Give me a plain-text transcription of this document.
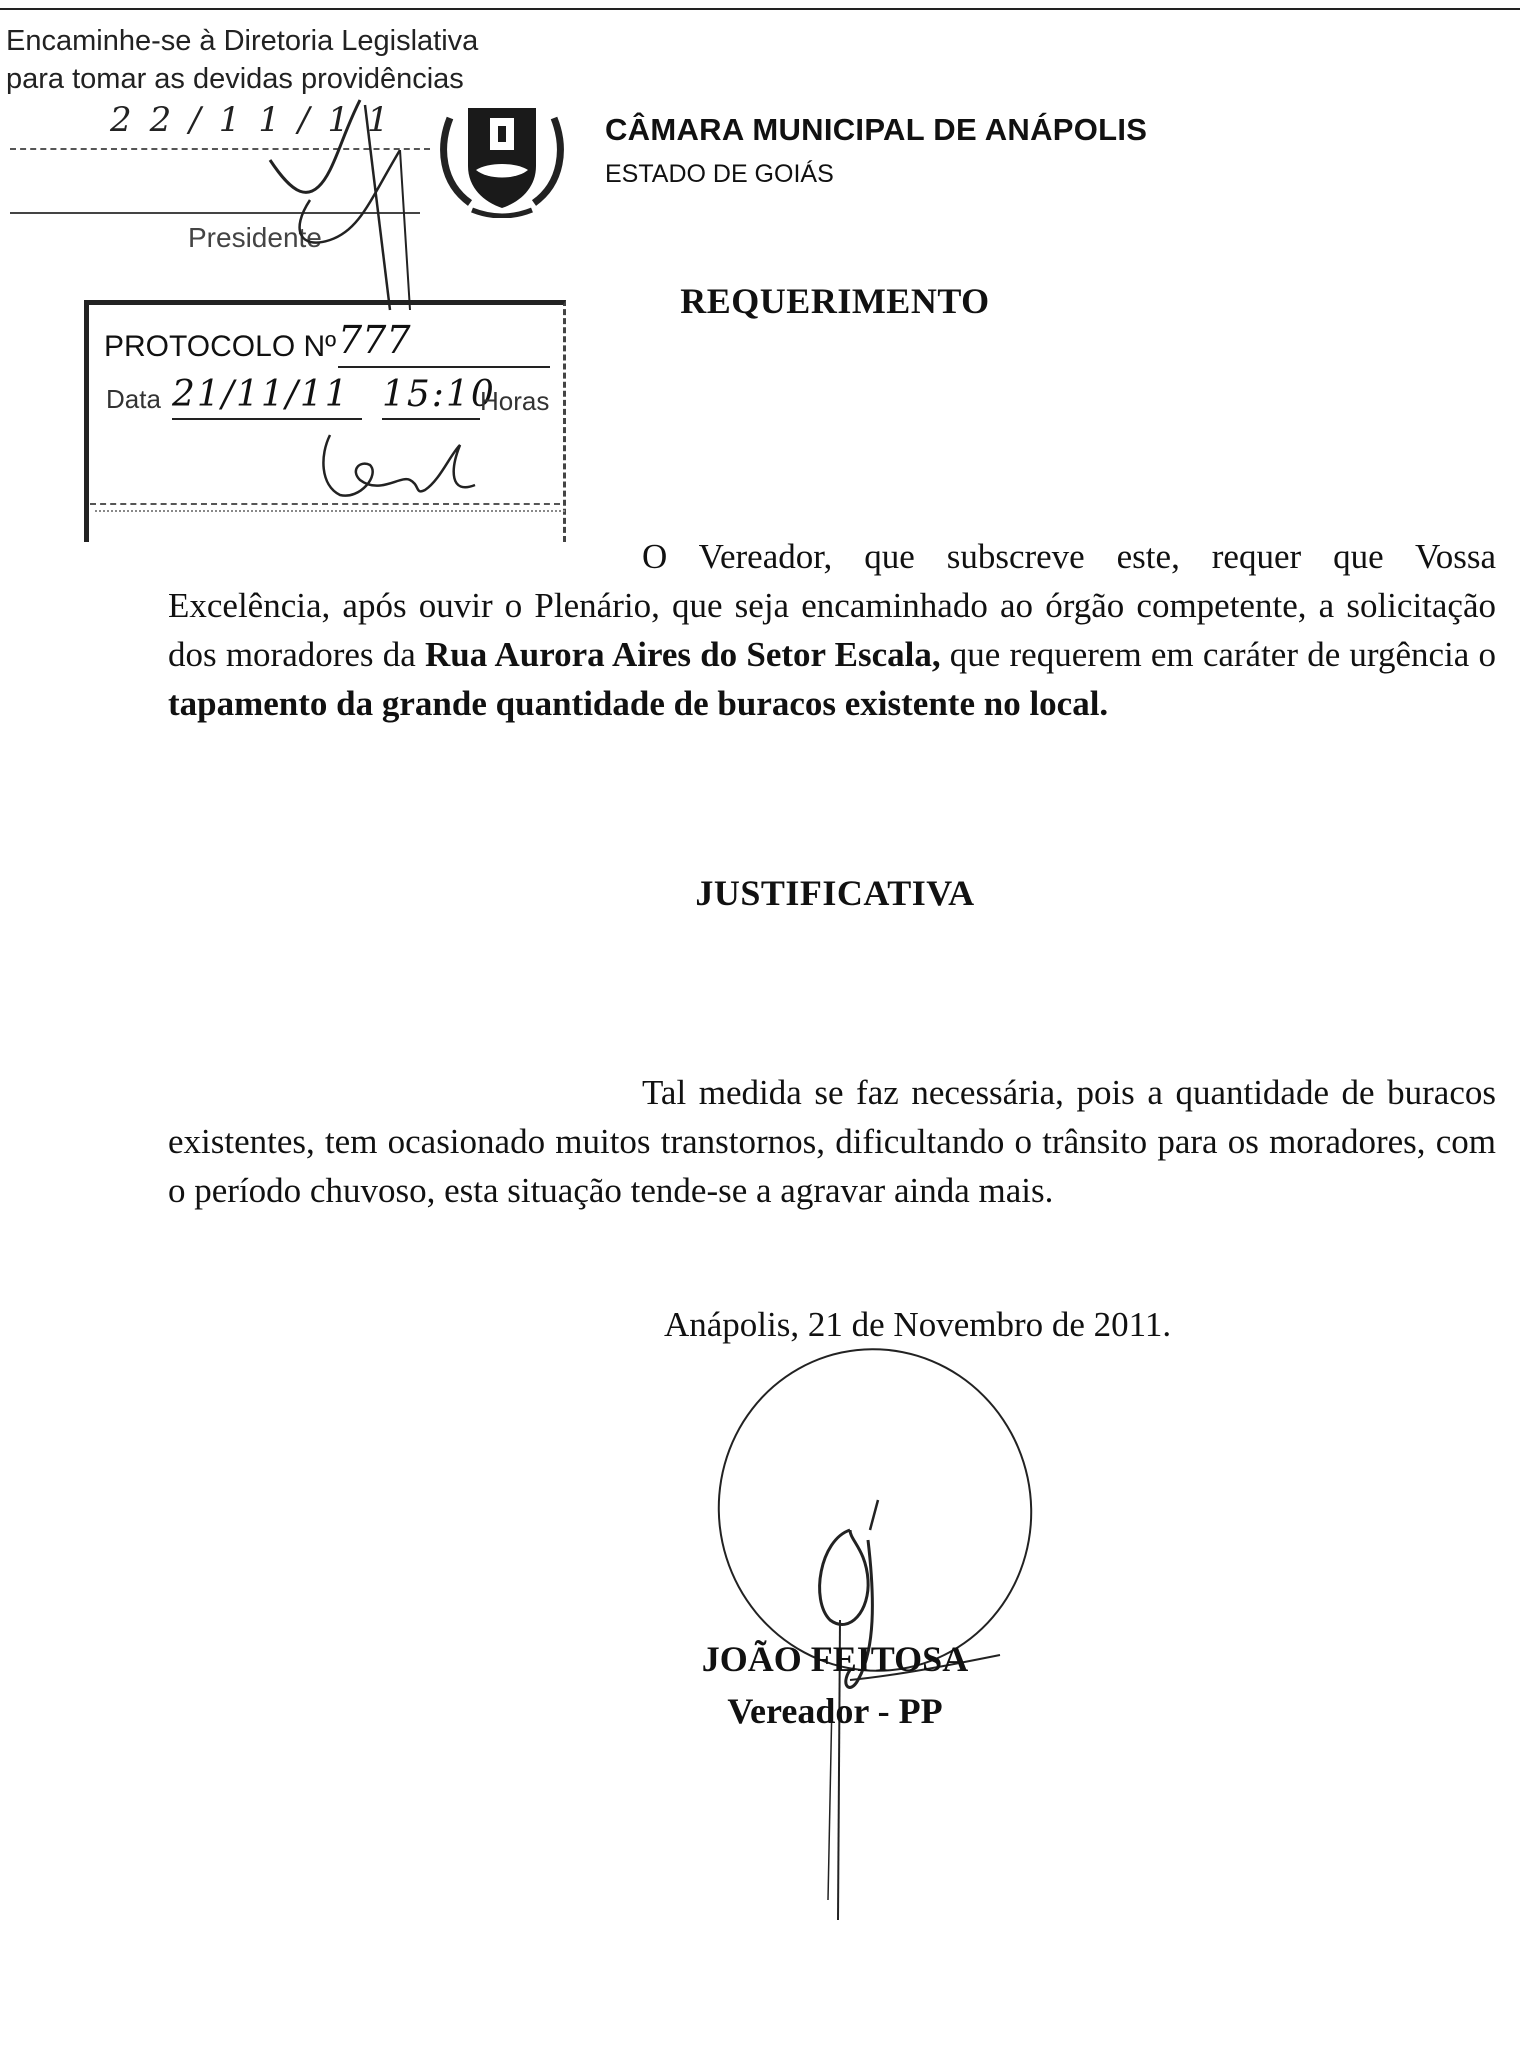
Encaminhe-se à Diretoria Legislativa
para tomar as devidas providências
22/11/11
Presidente
CÂMARA MUNICIPAL DE ANÁPOLIS
ESTADO DE GOIÁS
PROTOCOLO Nº 777
Data 21/11/11 15:10
Horas
REQUERIMENTO
O Vereador, que subscreve este, requer que Vossa Excelência, após ouvir o Plenário, que seja encaminhado ao órgão competente, a solicitação dos moradores da Rua Aurora Aires do Setor Escala, que requerem em caráter de urgência o tapamento da grande quantidade de buracos existente no local.
JUSTIFICATIVA
Tal medida se faz necessária, pois a quantidade de buracos existentes, tem ocasionado muitos transtornos, dificultando o trânsito para os moradores, com o período chuvoso, esta situação tende-se a agravar ainda mais.
Anápolis, 21 de Novembro de 2011.
JOÃO FEITOSA
Vereador - PP
